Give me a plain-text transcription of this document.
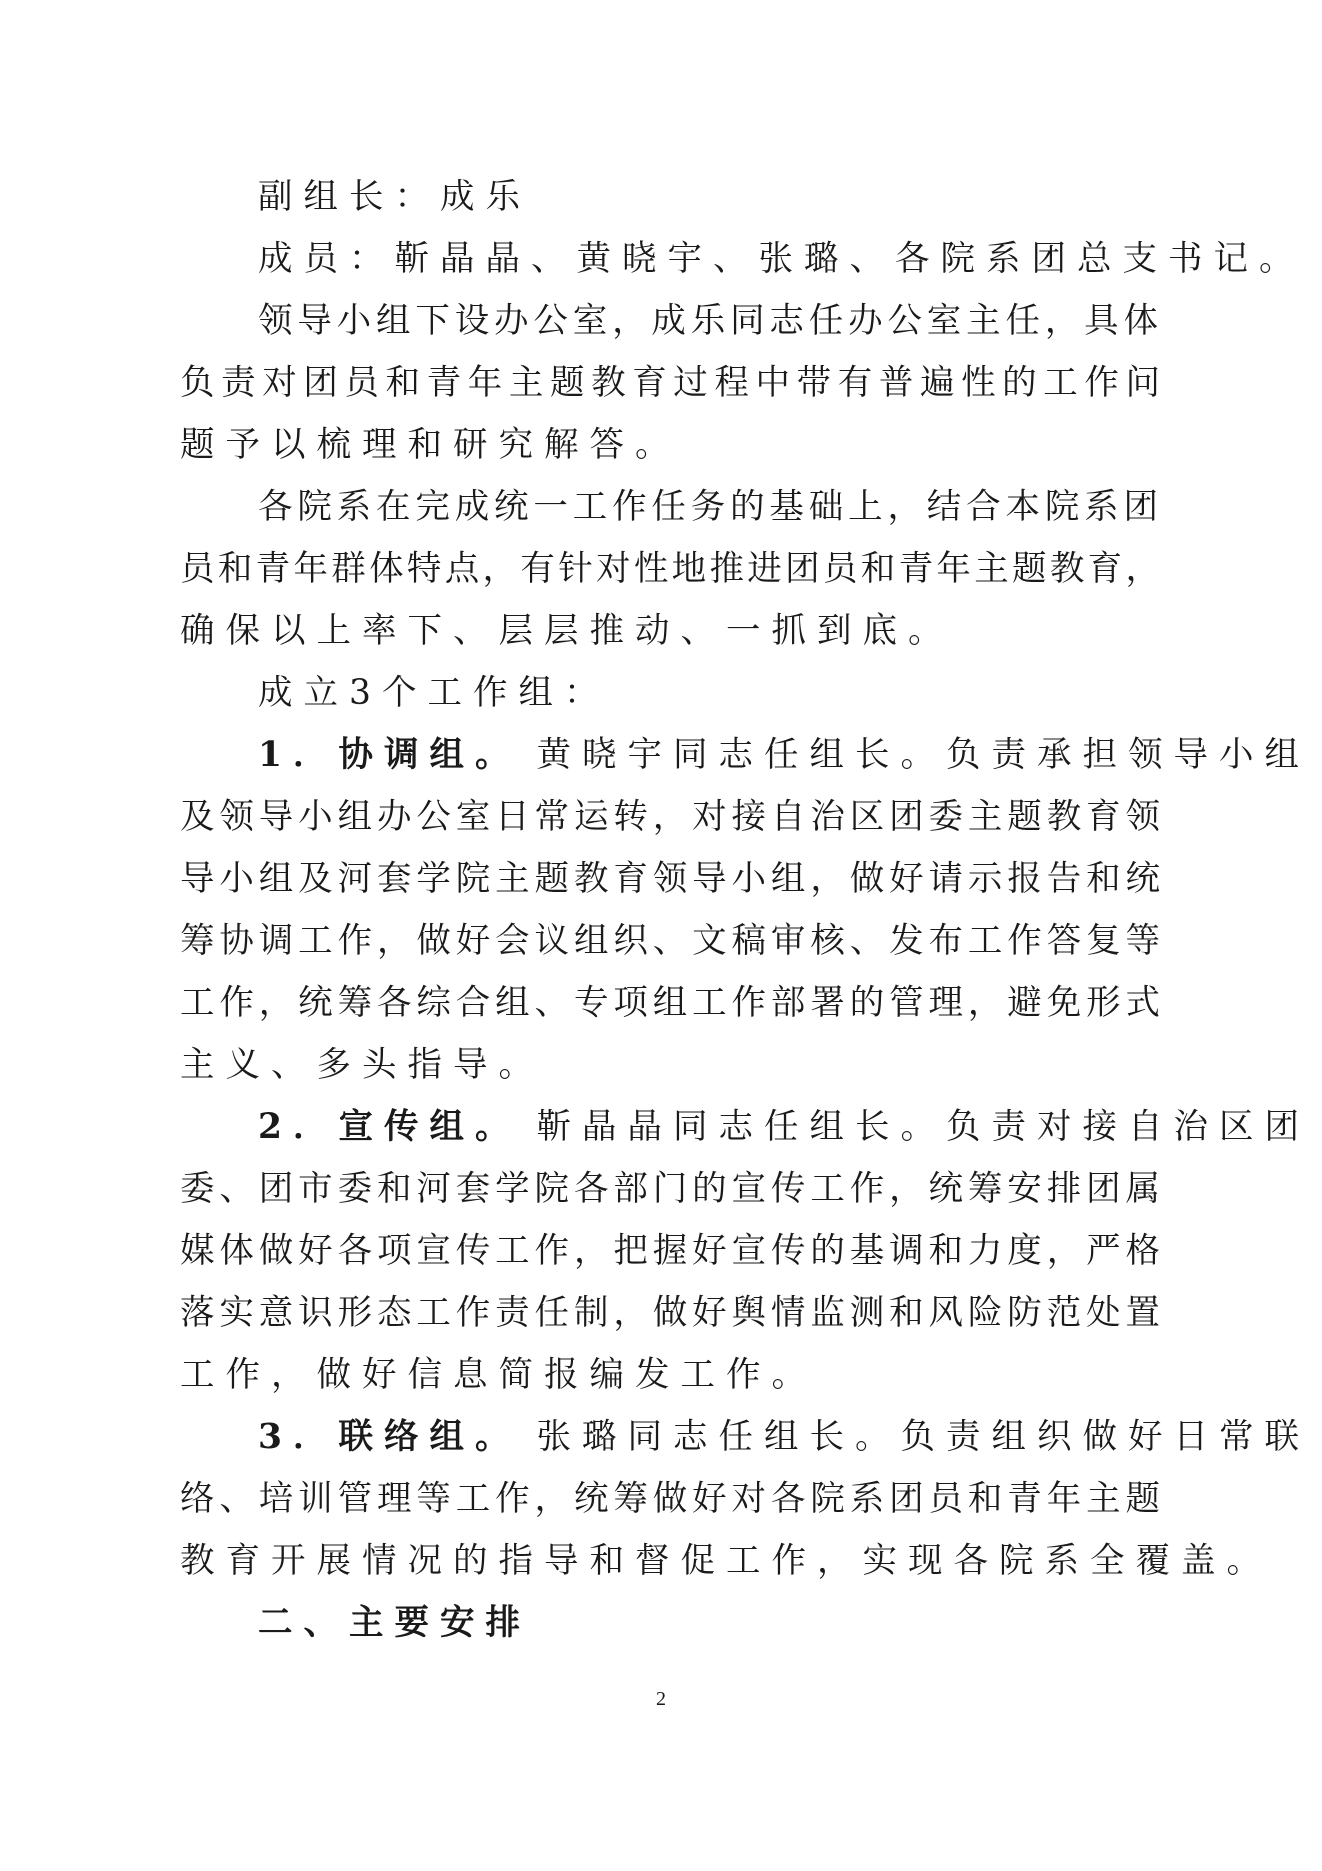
副组长：成乐
成员：靳晶晶、黄晓宇、张璐、各院系团总支书记。
领导小组下设办公室，成乐同志任办公室主任，具体
负责对团员和青年主题教育过程中带有普遍性的工作问
题予以梳理和研究解答。
各院系在完成统一工作任务的基础上，结合本院系团
员和青年群体特点，有针对性地推进团员和青年主题教育，
确保以上率下、层层推动、一抓到底。
成立3个工作组：
1．协调组。 黄晓宇同志任组长。负责承担领导小组
及领导小组办公室日常运转，对接自治区团委主题教育领
导小组及河套学院主题教育领导小组，做好请示报告和统
筹协调工作，做好会议组织、文稿审核、发布工作答复等
工作，统筹各综合组、专项组工作部署的管理，避免形式
主义、多头指导。
2．宣传组。 靳晶晶同志任组长。负责对接自治区团
委、团市委和河套学院各部门的宣传工作，统筹安排团属
媒体做好各项宣传工作，把握好宣传的基调和力度，严格
落实意识形态工作责任制，做好舆情监测和风险防范处置
工作，做好信息简报编发工作。
3．联络组。 张璐同志任组长。负责组织做好日常联
络、培训管理等工作，统筹做好对各院系团员和青年主题
教育开展情况的指导和督促工作，实现各院系全覆盖。
二、主要安排
2
